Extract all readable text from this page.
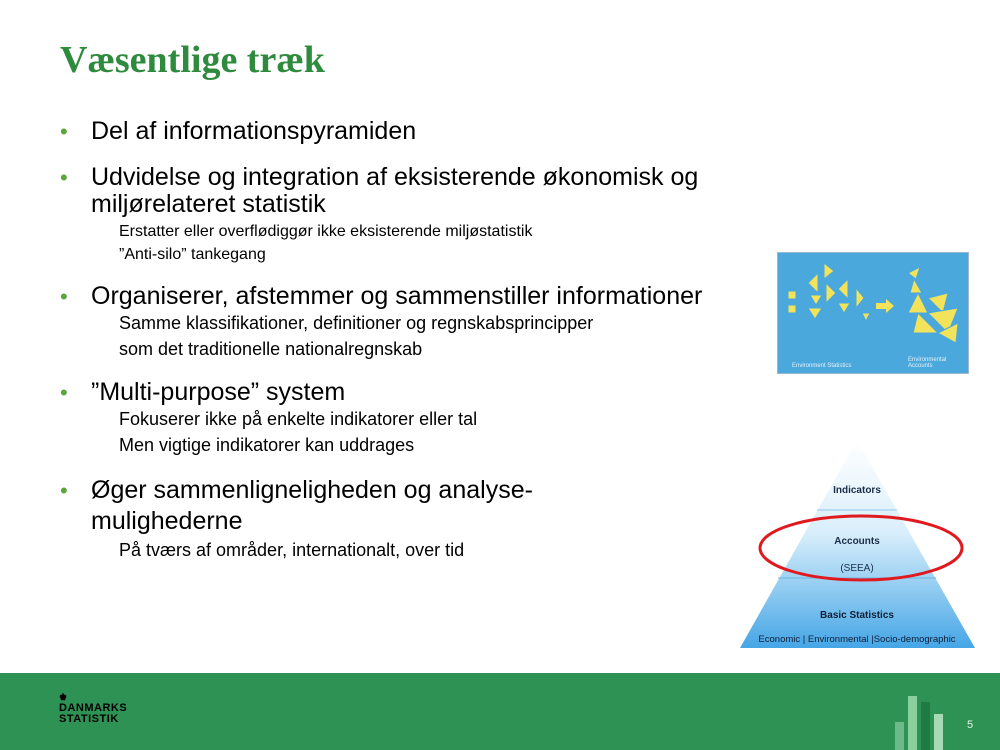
Væsentlige træk
• Del af informationspyramiden
• Udvidelse og integration af eksisterende økonomisk og miljørelateret statistik
Erstatter eller overflødiggør ikke eksisterende miljøstatistik
”Anti-silo” tankegang
• Organiserer, afstemmer og sammenstiller informationer
Samme klassifikationer, definitioner og regnskabsprincipper
som det traditionelle nationalregnskab
• ”Multi-purpose” system
Fokuserer ikke på enkelte indikatorer eller tal
Men vigtige indikatorer kan uddrages
• Øger sammenligneligheden og analyse-mulighederne
På tværs af områder, internationalt, over tid
Environment Statistics
Environmental Accounts
Indicators
Accounts
(SEEA)
Basic Statistics
Economic | Environmental |Socio-demographic
♚
DANMARKS
STATISTIK	5
